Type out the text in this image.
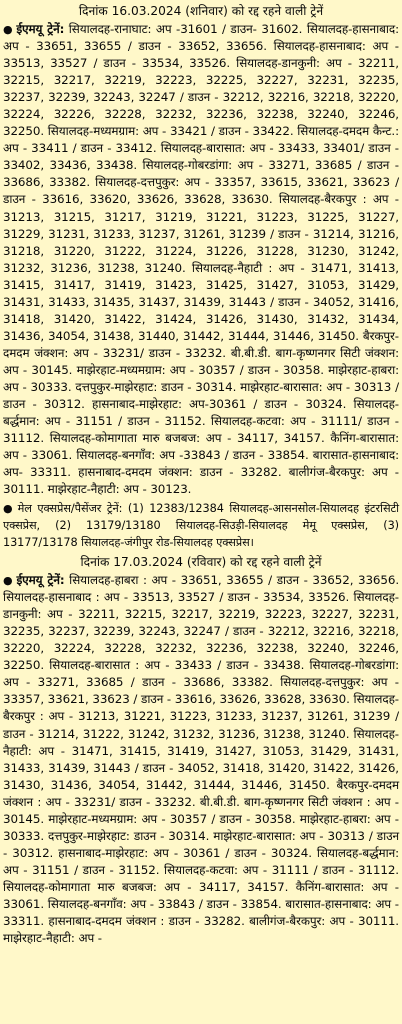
दिनांक 16.03.2024 (शनिवार) को रद्द रहने वाली ट्रेनें
● ईएमयू ट्रेनें: सियालदह-रानाघाट: अप -31601 / डाउन- 31602. सियालदह-हासनाबाद: अप - 33651, 33655 / डाउन - 33652, 33656. सियालदह-हासनाबाद: अप - 33513, 33527 / डाउन - 33534, 33526. सियालदह-डानकुनी: अप - 32211, 32215, 32217, 32219, 32223, 32225, 32227, 32231, 32235, 32237, 32239, 32243, 32247 / डाउन - 32212, 32216, 32218, 32220, 32224, 32226, 32228, 32232, 32236, 32238, 32240, 32246, 32250. सियालदह-मध्यमग्राम: अप - 33421 / डाउन - 33422. सियालदह-दमदम कैन्ट.: अप - 33411 / डाउन - 33412. सियालदह-बारासात: अप - 33433, 33401/ डाउन - 33402, 33436, 33438. सियालदह-गोबरडांगा: अप - 33271, 33685 / डाउन - 33686, 33382. सियालदह-दत्तपुकुर: अप - 33357, 33615, 33621, 33623 / डाउन - 33616, 33620, 33626, 33628, 33630. सियालदह-बैरकपुर : अप - 31213, 31215, 31217, 31219, 31221, 31223, 31225, 31227, 31229, 31231, 31233, 31237, 31261, 31239 / डाउन - 31214, 31216, 31218, 31220, 31222, 31224, 31226, 31228, 31230, 31242, 31232, 31236, 31238, 31240. सियालदह-नैहाटी : अप - 31471, 31413, 31415, 31417, 31419, 31423, 31425, 31427, 31053, 31429, 31431, 31433, 31435, 31437, 31439, 31443 / डाउन - 34052, 31416, 31418, 31420, 31422, 31424, 31426, 31430, 31432, 31434, 31436, 34054, 31438, 31440, 31442, 31444, 31446, 31450. बैरकपुर-दमदम जंक्शन: अप - 33231/ डाउन - 33232. बी.बी.डी. बाग-कृष्णनगर सिटी जंक्शन: अप - 30145. माझेरहाट-मध्यमग्राम: अप - 30357 / डाउन - 30358. माझेरहाट-हाबरा: अप - 30333. दत्तपुकुर-माझेरहाट: डाउन - 30314. माझेरहाट-बारासात: अप - 30313 / डाउन - 30312. हासनाबाद-माझेरहाट: अप-30361 / डाउन - 30324. सियालदह-बर्द्धमान: अप - 31151 / डाउन - 31152. सियालदह-कटवा: अप - 31111/ डाउन - 31112. सियालदह-कोमागाता मारु बजबज: अप - 34117, 34157. कैनिंग-बारासात: अप - 33061. सियालदह-बनगाँव: अप -33843 / डाउन - 33854. बारासात-हासनाबाद: अप- 33311. हासनाबाद-दमदम जंक्शन: डाउन - 33282. बालीगंज-बैरकपुर: अप - 30111. माझेरहाट-नैहाटी: अप - 30123.
● मेल एक्सप्रेस/पैसेंजर ट्रेनें: (1) 12383/12384 सियालदह-आसनसोल-सियालदह इंटरसिटी एक्सप्रेस, (2) 13179/13180 सियालदह-सिउड़ी-सियालदह मेमू एक्सप्रेस, (3) 13177/13178 सियालदह-जंगीपुर रोड-सियालदह एक्सप्रेस।
दिनांक 17.03.2024 (रविवार) को रद्द रहने वाली ट्रेनें
● ईएमयू ट्रेनें: सियालदह-हाबरा : अप - 33651, 33655 / डाउन - 33652, 33656. सियालदह-हासनाबाद : अप - 33513, 33527 / डाउन - 33534, 33526. सियालदह-डानकुनी: अप - 32211, 32215, 32217, 32219, 32223, 32227, 32231, 32235, 32237, 32239, 32243, 32247 / डाउन - 32212, 32216, 32218, 32220, 32224, 32228, 32232, 32236, 32238, 32240, 32246, 32250. सियालदह-बारासात : अप - 33433 / डाउन - 33438. सियालदह-गोबरडांगा: अप - 33271, 33685 / डाउन - 33686, 33382. सियालदह-दत्तपुकुर: अप - 33357, 33621, 33623 / डाउन - 33616, 33626, 33628, 33630. सियालदह-बैरकपुर : अप - 31213, 31221, 31223, 31233, 31237, 31261, 31239 / डाउन - 31214, 31222, 31242, 31232, 31236, 31238, 31240. सियालदह-नैहाटी: अप - 31471, 31415, 31419, 31427, 31053, 31429, 31431, 31433, 31439, 31443 / डाउन - 34052, 31418, 31420, 31422, 31426, 31430, 31436, 34054, 31442, 31444, 31446, 31450. बैरकपुर-दमदम जंक्शन : अप - 33231/ डाउन - 33232. बी.बी.डी. बाग-कृष्णनगर सिटी जंक्शन : अप - 30145. माझेरहाट-मध्यमग्राम: अप - 30357 / डाउन - 30358. माझेरहाट-हाबरा: अप - 30333. दत्तपुकुर-माझेरहाट: डाउन - 30314. माझेरहाट-बारासात: अप - 30313 / डाउन - 30312. हासनाबाद-माझेरहाट: अप - 30361 / डाउन - 30324. सियालदह-बर्द्धमान: अप - 31151 / डाउन - 31152. सियालदह-कटवा: अप - 31111 / डाउन - 31112. सियालदह-कोमागाता मारु बजबज: अप - 34117, 34157. कैनिंग-बारासात: अप - 33061. सियालदह-बनगाँव: अप - 33843 / डाउन - 33854. बारासात-हासनाबाद: अप - 33311. हासनाबाद-दमदम जंक्शन : डाउन - 33282. बालीगंज-बैरकपुर: अप - 30111. माझेरहाट-नैहाटी: अप -
